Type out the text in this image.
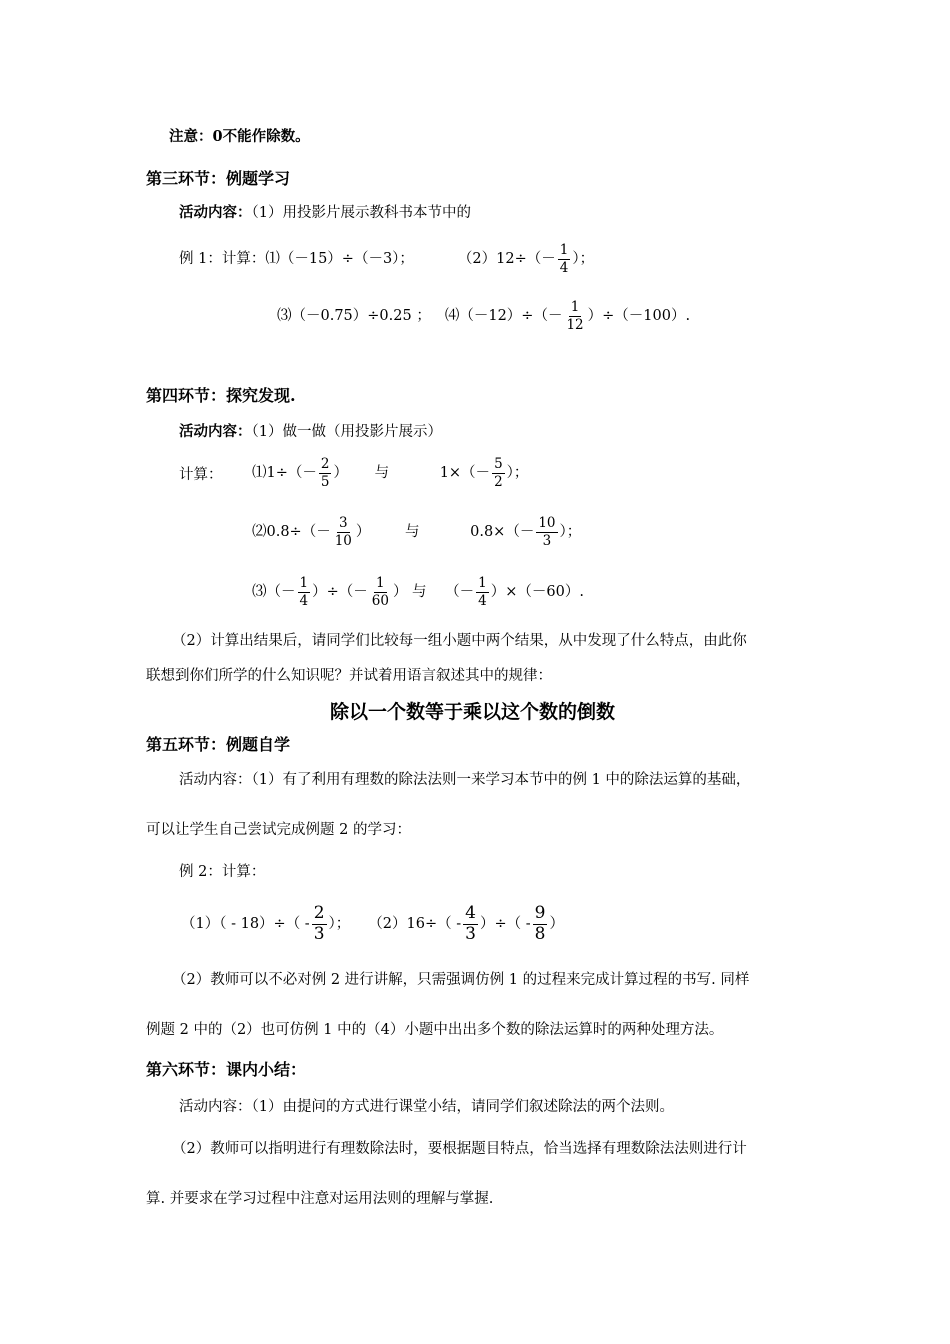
注意：0不能作除数。
第三环节：例题学习
活动内容：（1）用投影片展示教科书本节中的
例 1：计算：⑴（－15）÷（－3）；	$(2)12\div(- \frac{1}{4}$ ）；
⑶（－0.75）÷0.25 ； ⑷（－12）÷（－ $\frac{1}{12} )\div(-100)$.
第四环节：探究发现.
活动内容：（1）做一做（用投影片展示）
计算： ⑴1÷（－ $\frac{2}{5}$ ） 与	$1\times(- \frac{5}{2}$ ）；
⑵0.8÷（－ $\frac{3}{10}$ ） 与	$0.8\times(- \frac{10}{3}$ ）；
⑶（－ $\frac{1}{4}$ ）÷（－ $\frac{1}{60}$ ） 与 （－ $\frac{1}{4} )\times(-60)$.
（2）计算出结果后，请同学们比较每一组小题中两个结果，从中发现了什么特点，由此你
联想到你们所学的什么知识呢？并试着用语言叙述其中的规律：
除以一个数等于乘以这个数的倒数
第五环节：例题自学
活动内容：（1）有了利用有理数的除法法则一来学习本节中的例 1 中的除法运算的基础，
可以让学生自己尝试完成例题 2 的学习：
例 2：计算：
$(1)( - 18)\div( - \frac{2}{3}$ ）； $(2)16\div( - \frac{4}{3}$ ）÷（ - $\frac{9}{8}$ ）
（2）教师可以不必对例 2 进行讲解，只需强调仿例 1 的过程来完成计算过程的书写. 同样
例题 2 中的（2）也可仿例 1 中的（4）小题中出出多个数的除法运算时的两种处理方法。
第六环节：课内小结：
活动内容：（1）由提问的方式进行课堂小结，请同学们叙述除法的两个法则。
（2）教师可以指明进行有理数除法时，要根据题目特点，恰当选择有理数除法法则进行计
算. 并要求在学习过程中注意对运用法则的理解与掌握.
